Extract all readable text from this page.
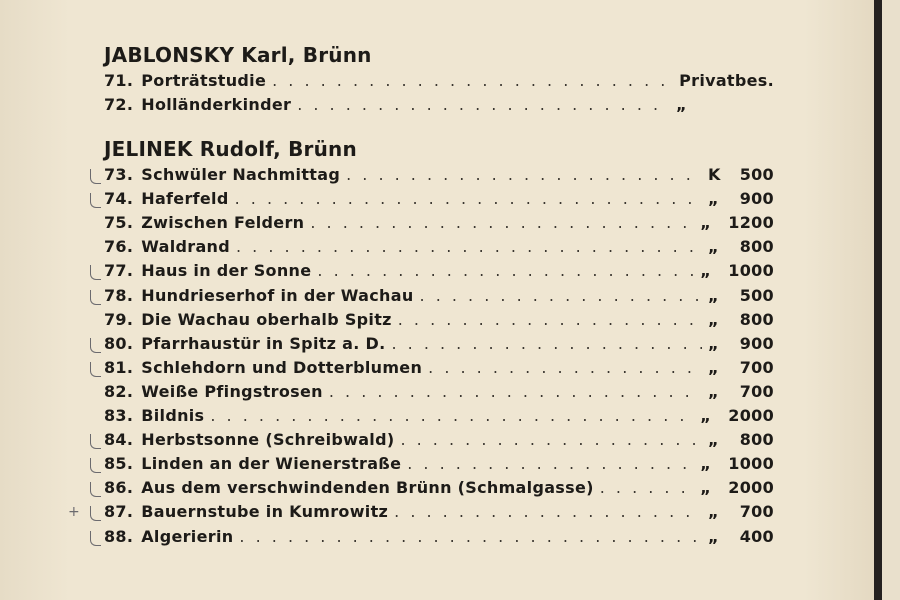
JABLONSKY Karl, Brünn
71. Porträtstudie . . .	Privatbes.
72. Holländerkinder . . .	„
JELINEK Rudolf, Brünn
73. Schwüler Nachmittag . . .	K	500
74. Haferfeld . . .	„	900
75. Zwischen Feldern . . .	„	1200
76. Waldrand . . .	„	800
77. Haus in der Sonne . . .	„	1000
78. Hundrieserhof in der Wachau . . .	„	500
79. Die Wachau oberhalb Spitz . . .	„	800
80. Pfarrhaustür in Spitz a. D. . . .	„	900
81. Schlehdorn und Dotterblumen . . .	„	700
82. Weiße Pfingstrosen . . .	„	700
83. Bildnis . . .	„	2000
84. Herbstsonne (Schreibwald) . . .	„	800
85. Linden an der Wienerstraße . . .	„	1000
86. Aus dem verschwindenden Brünn (Schmalgasse) . . .	„	2000
87. Bauernstube in Kumrowitz . . .	„	700
+
88. Algerierin . . .	„	400
